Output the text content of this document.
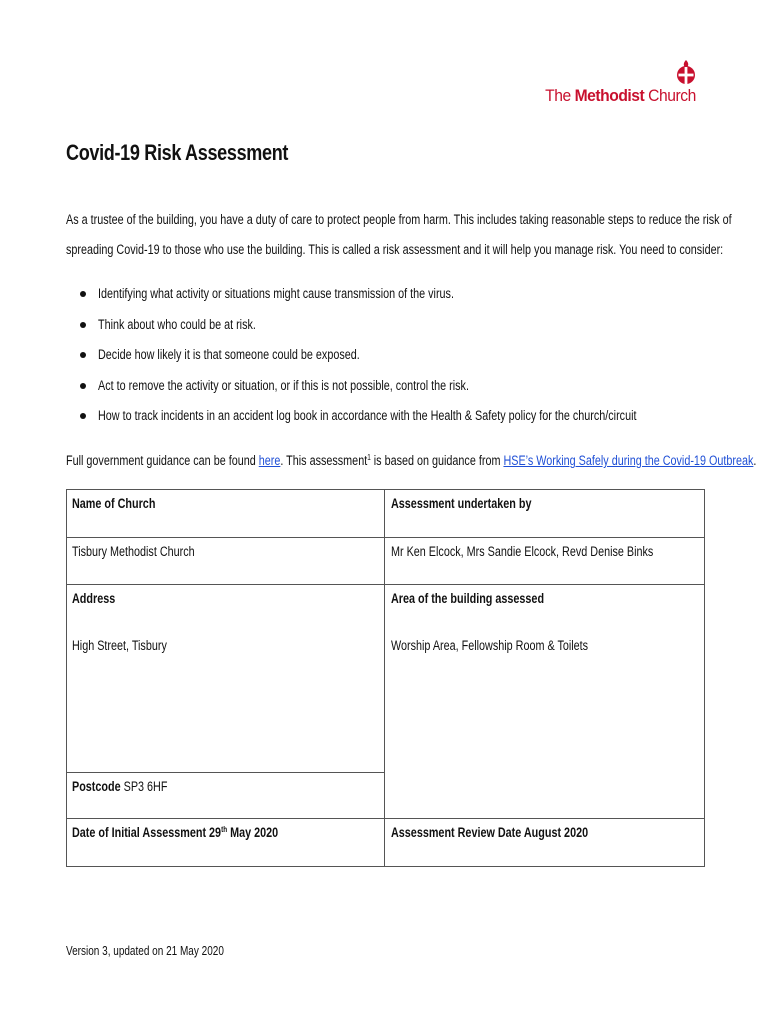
The Methodist Church
Covid-19 Risk Assessment

As a trustee of the building, you have a duty of care to protect people from harm. This includes taking reasonable steps to reduce the risk of
spreading Covid-19 to those who use the building. This is called a risk assessment and it will help you manage risk. You need to consider:

Identifying what activity or situations might cause transmission of the virus.
Think about who could be at risk.
Decide how likely it is that someone could be exposed.
Act to remove the activity or situation, or if this is not possible, control the risk.
How to track incidents in an accident log book in accordance with the Health & Safety policy for the church/circuit
Full government guidance can be found here. This assessment$^1$ is based on guidance from HSE’s Working Safely during the Covid-19 Outbreak.
Name of Church	Assessment undertaken by
Tisbury Methodist Church	Mr Ken Elcock, Mrs Sandie Elcock, Revd Denise Binks
Address	Area of the building assessed
High Street, Tisbury	Worship Area, Fellowship Room & Toilets
Postcode SP3 6HF
Date of Initial Assessment 29th May 2020	Assessment Review Date August 2020
Version 3, updated on 21 May 2020
